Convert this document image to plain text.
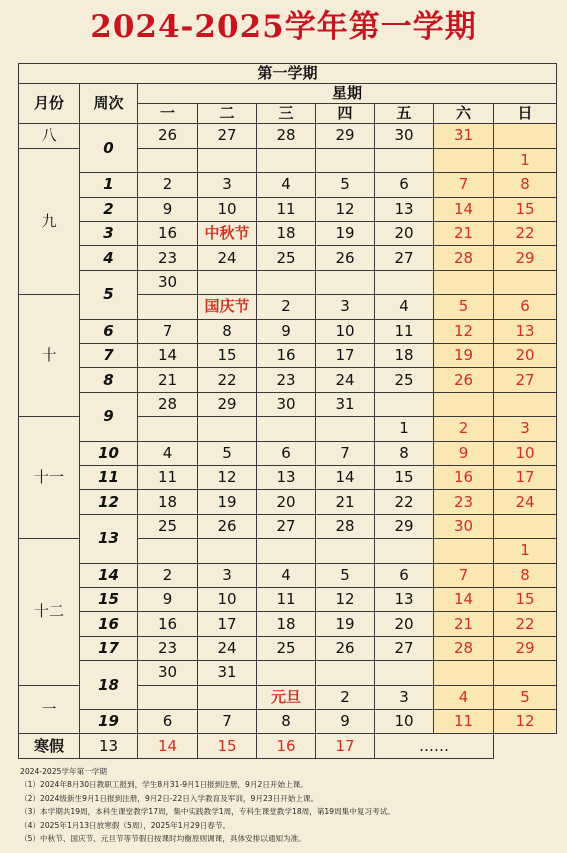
2024-2025学年第一学期
第一学期								
月份	周次	星期						
		一	二	三	四	五	六	日
八	0	26	27	28	29	30	31	
九								1
	1	2	3	4	5	6	7	8
	2	9	10	11	12	13	14	15
	3	16	中秋节	18	19	20	21	22
	4	23	24	25	26	27	28	29
	5	30						
十			国庆节	2	3	4	5	6
	6	7	8	9	10	11	12	13
	7	14	15	16	17	18	19	20
	8	21	22	23	24	25	26	27
	9	28	29	30	31			
十一						1	2	3
	10	4	5	6	7	8	9	10
	11	11	12	13	14	15	16	17
	12	18	19	20	21	22	23	24
	13	25	26	27	28	29	30	
十二								1
	14	2	3	4	5	6	7	8
	15	9	10	11	12	13	14	15
	16	16	17	18	19	20	21	22
	17	23	24	25	26	27	28	29
	18	30	31					
一				元旦	2	3	4	5
	19	6	7	8	9	10	11	12
寒假	13	14	15	16	17	……		
2024-2025学年第一学期
（1）2024年8月30日教职工报到，学生8月31-9月1日报到注册，9月2日开始上课。
（2）2024级新生9月1日报到注册，9月2日-22日入学教育及军训，9月23日开始上课。
（3）本学期共19周，本科生课堂教学17周，集中实践教学1周，专科生课堂教学18周，第19周集中复习考试。
（4）2025年1月13日放寒假（5周），2025年1月29日春节。
（5）中秋节、国庆节、元旦节等节假日按课时均衡原则调课，具体安排以通知为准。
